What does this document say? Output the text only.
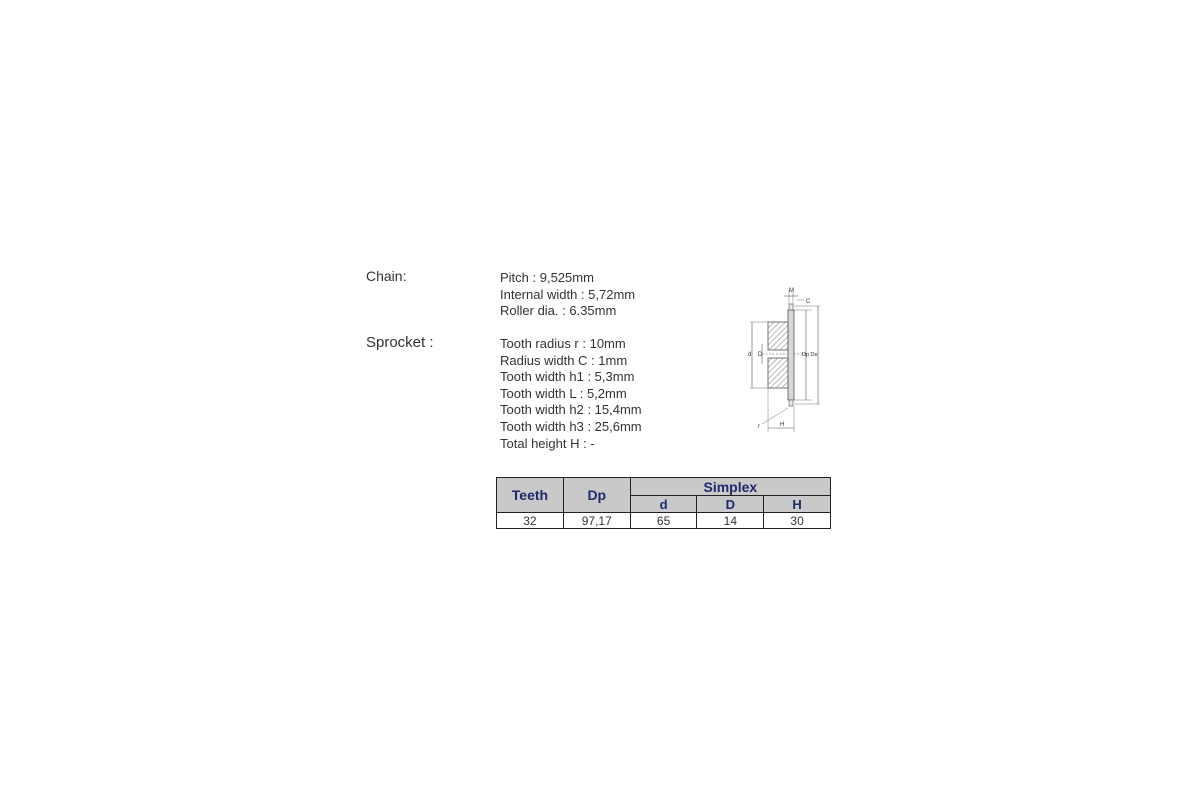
Chain:	Pitch : 9,525mm
Internal width : 5,72mm
Roller dia. : 6.35mm
Sprocket :	Tooth radius r : 10mm
Radius width C : 1mm
Tooth width h1 : 5,3mm
Tooth width L : 5,2mm
Tooth width h2 : 15,4mm
Tooth width h3 : 25,6mm
Total height H : -
M
C
d D	Dp De
H
r
Teeth	Dp	Simplex		
		d	D	H
32	97,17	65	14	30
